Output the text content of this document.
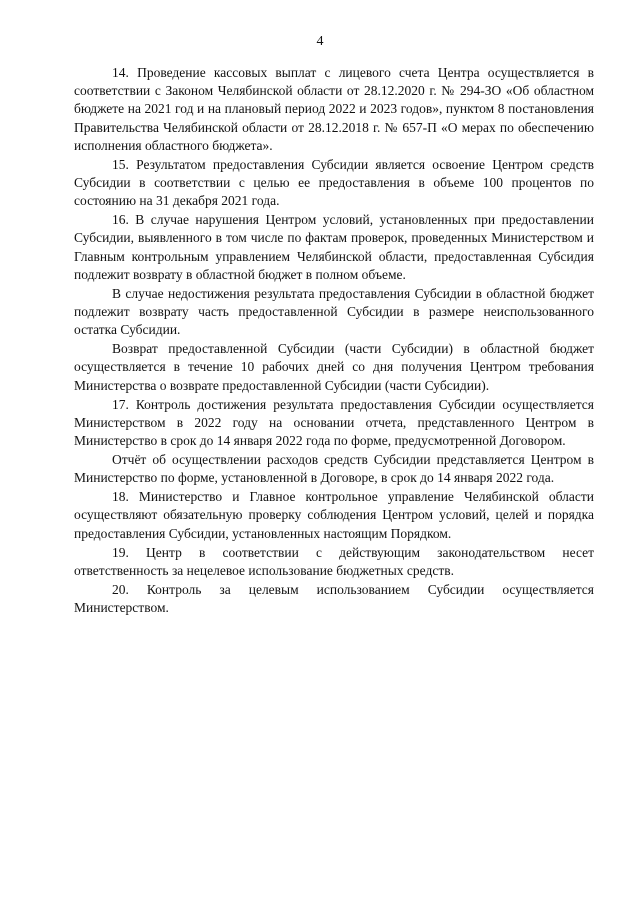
4

14. Проведение кассовых выплат с лицевого счета Центра осуществляется в соответствии с Законом Челябинской области от 28.12.2020 г. № 294-ЗО «Об областном бюджете на 2021 год и на плановый период 2022 и 2023 годов», пунктом 8 постановления Правительства Челябинской области от 28.12.2018 г. № 657-П «О мерах по обеспечению исполнения областного бюджета».

15. Результатом предоставления Субсидии является освоение Центром средств Субсидии в соответствии с целью ее предоставления в объеме 100 процентов по состоянию на 31 декабря 2021 года.

16. В случае нарушения Центром условий, установленных при предоставлении Субсидии, выявленного в том числе по фактам проверок, проведенных Министерством и Главным контрольным управлением Челябинской области, предоставленная Субсидия подлежит возврату в областной бюджет в полном объеме.

В случае недостижения результата предоставления Субсидии в областной бюджет подлежит возврату часть предоставленной Субсидии в размере неиспользованного остатка Субсидии.

Возврат предоставленной Субсидии (части Субсидии) в областной бюджет осуществляется в течение 10 рабочих дней со дня получения Центром требования Министерства о возврате предоставленной Субсидии (части Субсидии).

17. Контроль достижения результата предоставления Субсидии осуществляется Министерством в 2022 году на основании отчета, представленного Центром в Министерство в срок до 14 января 2022 года по форме, предусмотренной Договором.

Отчёт об осуществлении расходов средств Субсидии представляется Центром в Министерство по форме, установленной в Договоре, в срок до 14 января 2022 года.

18. Министерство и Главное контрольное управление Челябинской области осуществляют обязательную проверку соблюдения Центром условий, целей и порядка предоставления Субсидии, установленных настоящим Порядком.

19. Центр в соответствии с действующим законодательством несет ответственность за нецелевое использование бюджетных средств.

20. Контроль за целевым использованием Субсидии осуществляется Министерством.
